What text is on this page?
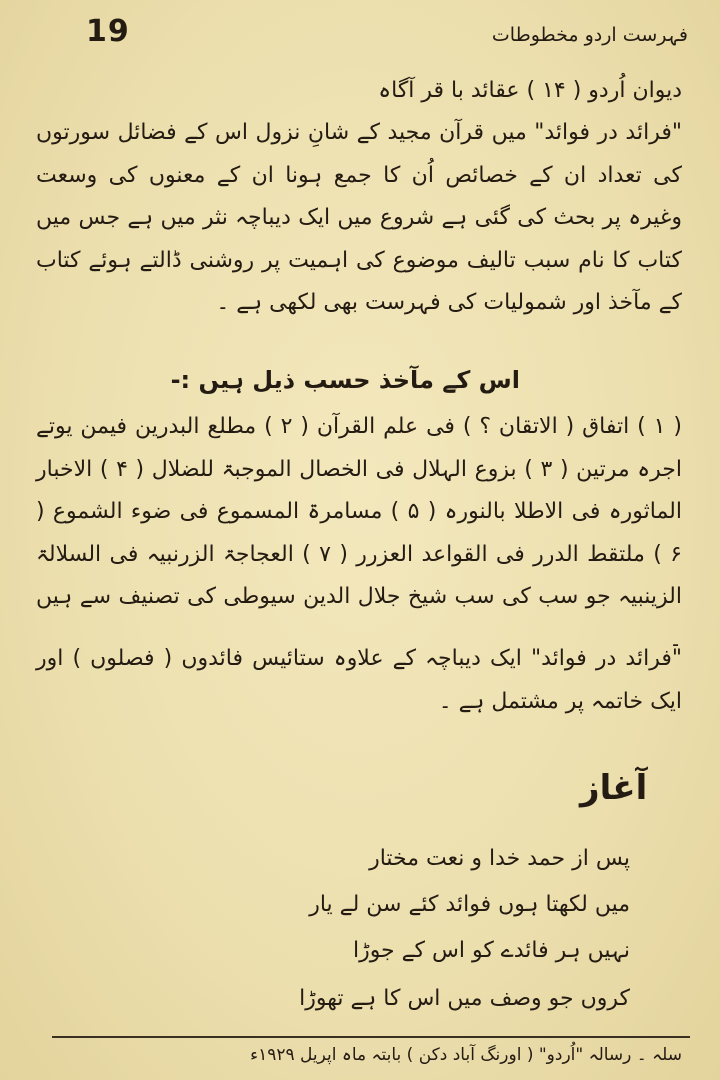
19	فہرست اردو مخطوطات
دیوان اُردو ( ۱۴ ) عقائد با قر آگاہ
"فرائد در فوائد" میں قرآن مجید کے شانِ نزول اس کے فضائل سورتوں کی تعداد ان کے خصائص اُن کا جمع ہونا ان کے معنوں کی وسعت وغیرہ پر بحث کی گئی ہے شروع میں ایک دیباچہ نثر میں ہے جس میں کتاب کا نام سبب تالیف موضوع کی اہمیت پر روشنی ڈالتے ہوئے کتاب کے مآخذ اور شمولیات کی فہرست بھی لکھی ہے ۔
اس کے مآخذ حسب ذیل ہیں :-
( ۱ ) اتفاق ( الاتقان ؟ ) فی علم القرآن ( ۲ ) مطلع البدرین فیمن یوتے اجرہ مرتین ( ۳ ) بزوع الہلال فی الخصال الموجبۃ للضلال ( ۴ ) الاخبار الماثورہ فی الاطلا بالنورہ ( ۵ ) مسامرۃ المسموع فی ضوء الشموع ( ۶ ) ملتقط الدرر فی القواعد العزرر ( ۷ ) العجاجۃ الزرنبیہ فی السلالۃ الزینبیہ جو سب کی سب شیخ جلال الدین سیوطی کی تصنیف سے ہیں ۔
"فرائد در فوائد" ایک دیباچہ کے علاوہ ستائیس فائدوں ( فصلوں ) اور ایک خاتمہ پر مشتمل ہے ۔
آغاز
پس از حمد خدا و نعت مختار
میں لکھتا ہوں فوائد کئے سن لے یار
نہیں ہر فائدے کو اس کے جوڑا
کروں جو وصف میں اس کا ہے تھوڑا
سلہ ۔ رسالہ "اُردو" ( اورنگ آباد دکن ) بابتہ ماہ اپریل ۱۹۲۹ء
